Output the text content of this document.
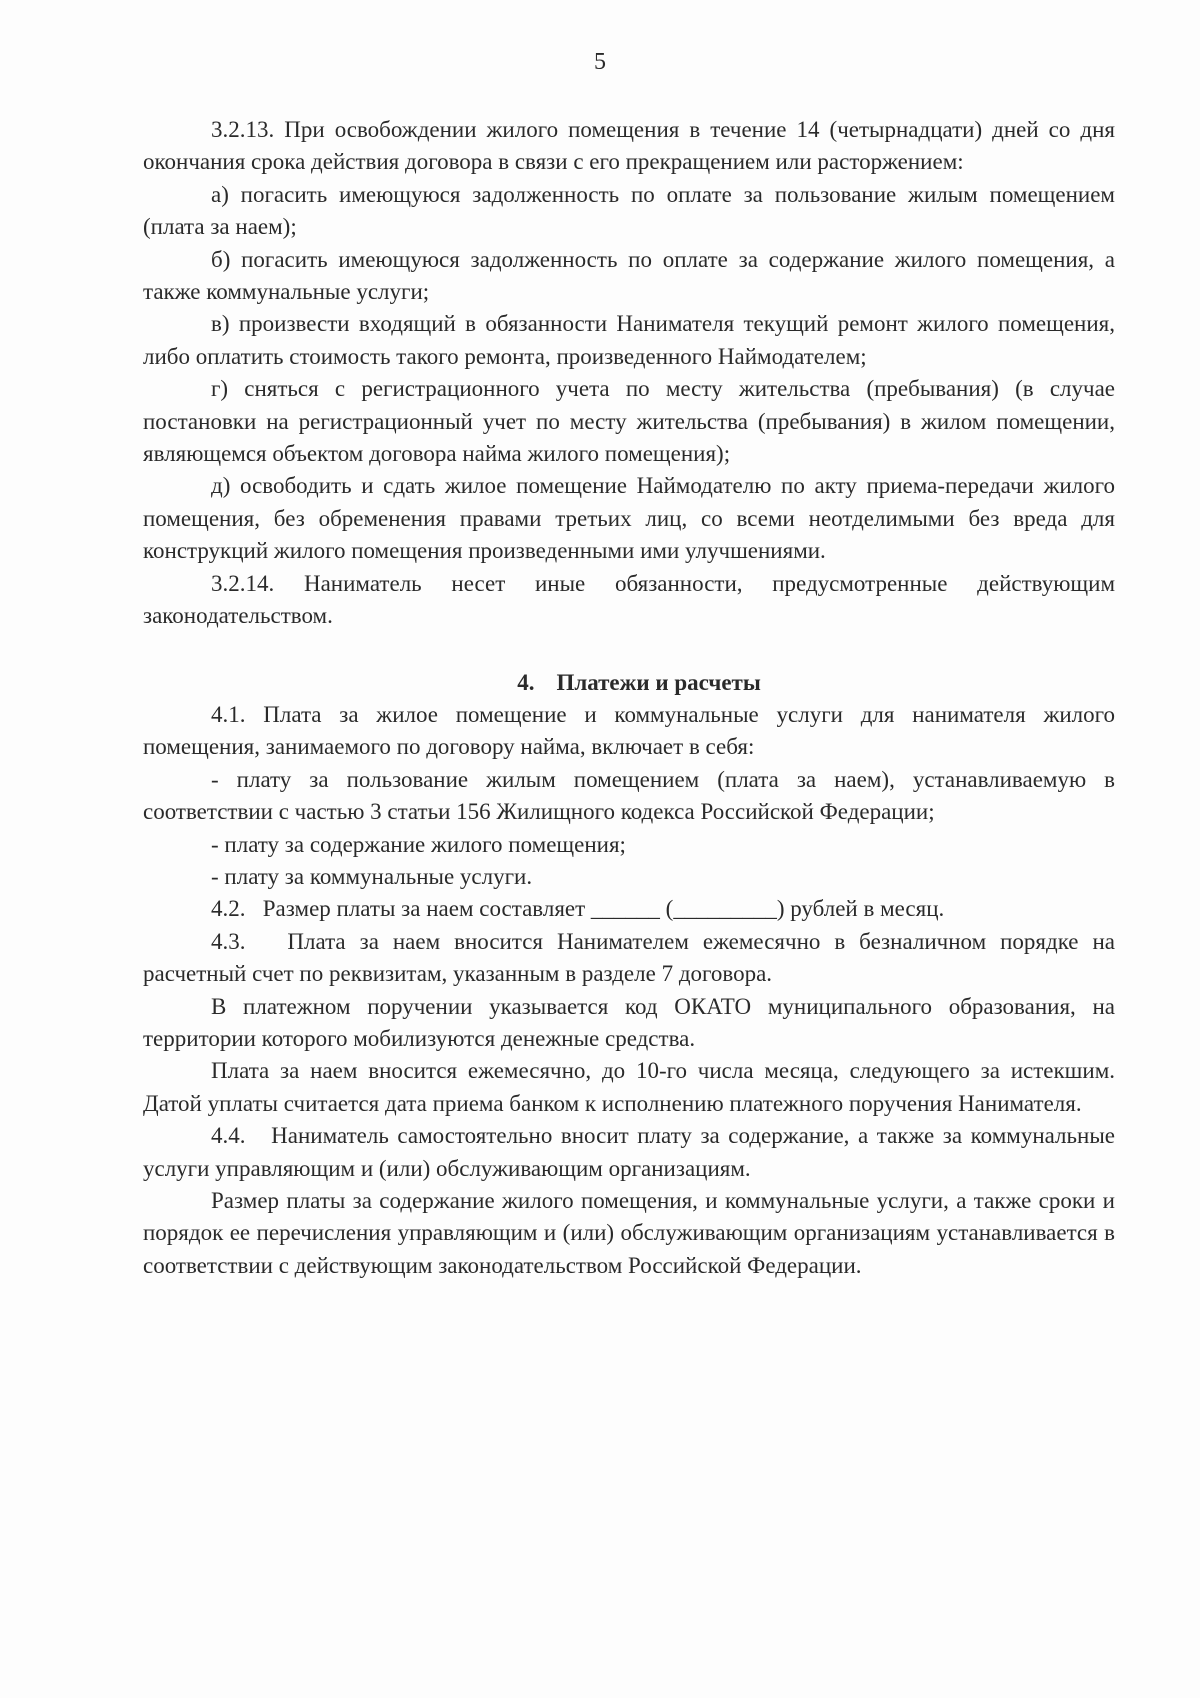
5

3.2.13. При освобождении жилого помещения в течение 14 (четырнадцати) дней со дня окончания срока действия договора в связи с его прекращением или расторжением:

а) погасить имеющуюся задолженность по оплате за пользование жилым помещением (плата за наем);

б) погасить имеющуюся задолженность по оплате за содержание жилого помещения, а также коммунальные услуги;

в) произвести входящий в обязанности Нанимателя текущий ремонт жилого помещения, либо оплатить стоимость такого ремонта, произведенного Наймодателем;

г) сняться с регистрационного учета по месту жительства (пребывания) (в случае постановки на регистрационный учет по месту жительства (пребывания) в жилом помещении, являющемся объектом договора найма жилого помещения);

д) освободить и сдать жилое помещение Наймодателю по акту приема-передачи жилого помещения, без обременения правами третьих лиц, со всеми неотделимыми без вреда для конструкций жилого помещения произведенными ими улучшениями.

3.2.14. Наниматель несет иные обязанности, предусмотренные действующим законодательством.

4. Платежи и расчеты

4.1. Плата за жилое помещение и коммунальные услуги для нанимателя жилого помещения, занимаемого по договору найма, включает в себя:

- плату за пользование жилым помещением (плата за наем), устанавливаемую в соответствии с частью 3 статьи 156 Жилищного кодекса Российской Федерации;

- плату за содержание жилого помещения;

- плату за коммунальные услуги.

4.2.   Размер платы за наем составляет ______ (_________) рублей в месяц.

4.3.   Плата за наем вносится Нанимателем ежемесячно в безналичном порядке на расчетный счет по реквизитам, указанным в разделе 7 договора.

В платежном поручении указывается код ОКАТО муниципального образования, на территории которого мобилизуются денежные средства.

Плата за наем вносится ежемесячно, до 10-го числа месяца, следующего за истекшим. Датой уплаты считается дата приема банком к исполнению платежного поручения Нанимателя.

4.4.   Наниматель самостоятельно вносит плату за содержание, а также за коммунальные услуги управляющим и (или) обслуживающим организациям.

Размер платы за содержание жилого помещения, и коммунальные услуги, а также сроки и порядок ее перечисления управляющим и (или) обслуживающим организациям устанавливается в соответствии с действующим законодательством Российской Федерации.
